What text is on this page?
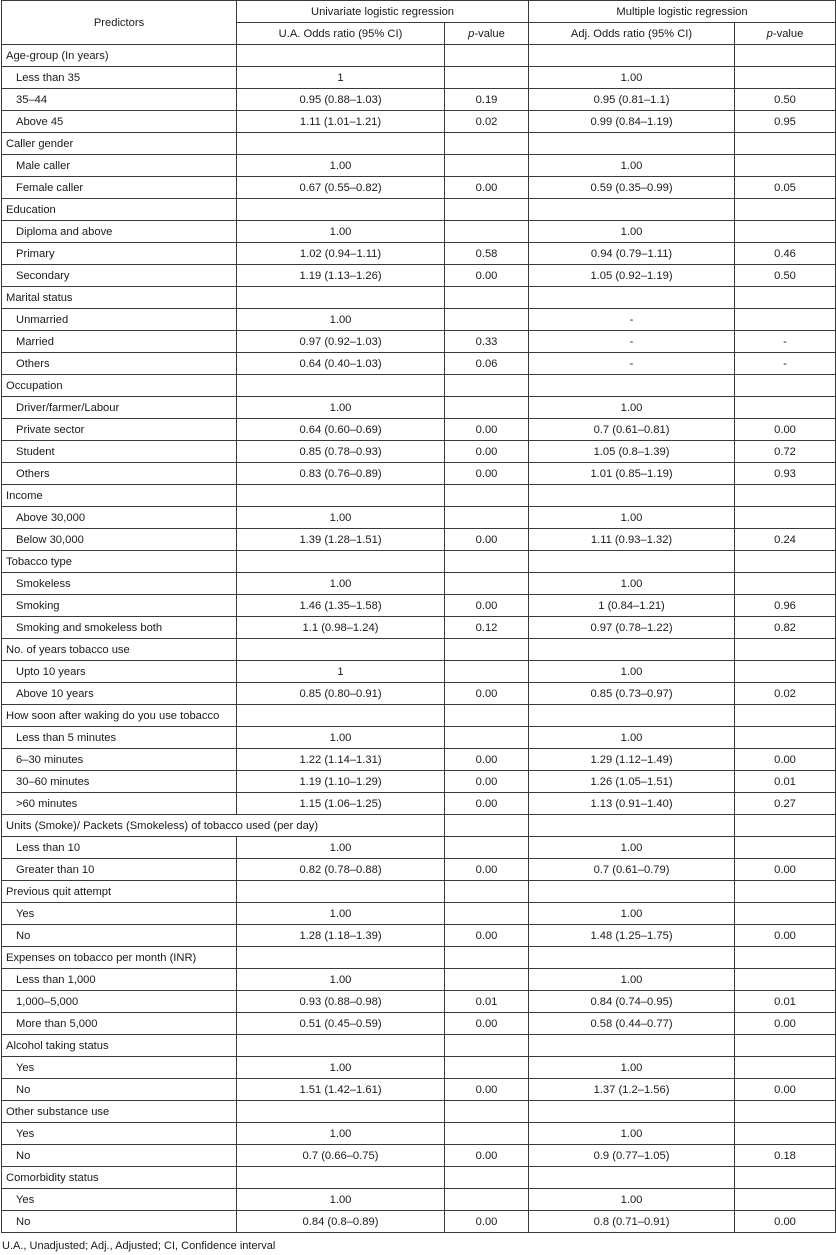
Predictors	Univariate logistic regression		Multiple logistic regression	
	U.A. Odds ratio (95% CI)	p-value	Adj. Odds ratio (95% CI)	p-value
Age-group (In years)				
Less than 35	1		1.00	
35–44	0.95 (0.88–1.03)	0.19	0.95 (0.81–1.1)	0.50
Above 45	1.11 (1.01–1.21)	0.02	0.99 (0.84–1.19)	0.95
Caller gender				
Male caller	1.00		1.00	
Female caller	0.67 (0.55–0.82)	0.00	0.59 (0.35–0.99)	0.05
Education				
Diploma and above	1.00		1.00	
Primary	1.02 (0.94–1.11)	0.58	0.94 (0.79–1.11)	0.46
Secondary	1.19 (1.13–1.26)	0.00	1.05 (0.92–1.19)	0.50
Marital status				
Unmarried	1.00		-	
Married	0.97 (0.92–1.03)	0.33	-	-
Others	0.64 (0.40–1.03)	0.06	-	-
Occupation				
Driver/farmer/Labour	1.00		1.00	
Private sector	0.64 (0.60–0.69)	0.00	0.7 (0.61–0.81)	0.00
Student	0.85 (0.78–0.93)	0.00	1.05 (0.8–1.39)	0.72
Others	0.83 (0.76–0.89)	0.00	1.01 (0.85–1.19)	0.93
Income				
Above 30,000	1.00		1.00	
Below 30,000	1.39 (1.28–1.51)	0.00	1.11 (0.93–1.32)	0.24
Tobacco type				
Smokeless	1.00		1.00	
Smoking	1.46 (1.35–1.58)	0.00	1 (0.84–1.21)	0.96
Smoking and smokeless both	1.1 (0.98–1.24)	0.12	0.97 (0.78–1.22)	0.82
No. of years tobacco use				
Upto 10 years	1		1.00	
Above 10 years	0.85 (0.80–0.91)	0.00	0.85 (0.73–0.97)	0.02
How soon after waking do you use tobacco				
Less than 5 minutes	1.00		1.00	
6–30 minutes	1.22 (1.14–1.31)	0.00	1.29 (1.12–1.49)	0.00
30–60 minutes	1.19 (1.10–1.29)	0.00	1.26 (1.05–1.51)	0.01
>60 minutes	1.15 (1.06–1.25)	0.00	1.13 (0.91–1.40)	0.27
Units (Smoke)/ Packets (Smokeless) of tobacco used (per day)				
Less than 10	1.00		1.00	
Greater than 10	0.82 (0.78–0.88)	0.00	0.7 (0.61–0.79)	0.00
Previous quit attempt				
Yes	1.00		1.00	
No	1.28 (1.18–1.39)	0.00	1.48 (1.25–1.75)	0.00
Expenses on tobacco per month (INR)				
Less than 1,000	1.00		1.00	
1,000–5,000	0.93 (0.88–0.98)	0.01	0.84 (0.74–0.95)	0.01
More than 5,000	0.51 (0.45–0.59)	0.00	0.58 (0.44–0.77)	0.00
Alcohol taking status				
Yes	1.00		1.00	
No	1.51 (1.42–1.61)	0.00	1.37 (1.2–1.56)	0.00
Other substance use				
Yes	1.00		1.00	
No	0.7 (0.66–0.75)	0.00	0.9 (0.77–1.05)	0.18
Comorbidity status				
Yes	1.00		1.00	
No	0.84 (0.8–0.89)	0.00	0.8 (0.71–0.91)	0.00
U.A., Unadjusted; Adj., Adjusted; CI, Confidence interval
